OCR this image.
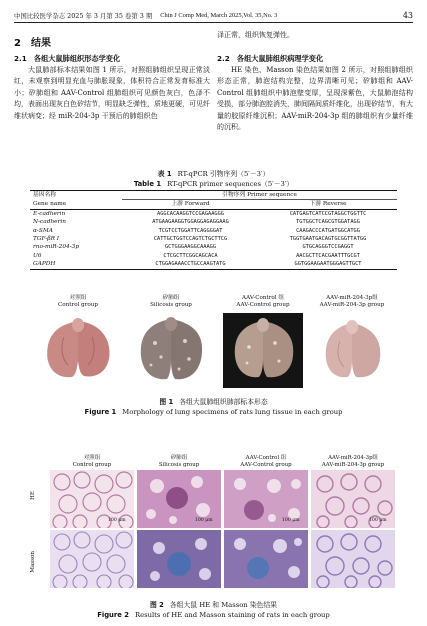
中国比较医学杂志 2025 年 3 月第 35 卷第 3 期 Chin J Comp Med, March 2025,Vol. 35,No. 3	43
2　结果
2.1　各组大鼠肺组织形态学变化

大鼠肺部标本结果如图 1 所示，对照组肺组织呈现正常淡红，未观察到明显充血与肺胀现象，体积符合正常发育标准大小；矽肺组和 AAV-Control 组肺组织可见颜色灰白，色泽不均，表面出现灰白色矽结节，明显缺乏弹性，质地更硬，可见纤维状病变；经 miR-204-3p 干预后的肺组织色

泽正常，组织恢复弹性。

2.2　各组大鼠肺组织病理学变化

HE 染色、Masson 染色结果如图 2 所示，对照组肺组织形态正常，肺泡结构完整，边界清晰可见；矽肺组和 AAV-Control 组肺组织中肺泡壁变厚，呈现深紫色，大鼠肺泡结构受损，部分肺泡腔消失，肺间隔间质纤维化，出现矽结节，有大量的胶原纤维沉积；AAV-miR-204-3p 组的肺组织有少量纤维的沉积。

表 1 RT-qPCR 引物序列（5′－3′）
Table 1 RT-qPCR primer sequences（5′－3′）
基因名称	引物序列 Primer sequence	
Gene name	上游 Forward	下游 Reverse
E-cadherin	AGGCACAAGGTCCGAGAAGGG	CATGAGTCATCCGTAGGCTGGTTC
N-cadherin	ATGAAGAAGGTGGAGGAGAGGAAG	TGTGGCTCAGCGTGGATAGG
α-SMA	TCGTCCTGGATTCAGGGGAT	CAAGACCCATGATGGCATGG
TGF-βR I	CATTGCTGGTCCAGTCTGCTTCG	TGGTGAATGACAGTGCGGTTATGG
rno-miR-204-3p	GCTGGGAAGGCAAAGG	GTGCAGGGTCCGAGGT
U6	CTCGCTTCGGCAGCACA	AACGCTTCACGAATTTGCGT
GAPDH	CTGGAGAAACCTGCCAAGTATG	GGTGGAAGAATGGGAGTTGCT
对照组
Control group
矽肺组
Silicosis group
AAV-Control 组
AAV-Control group
AAV-miR-204-3p组
AAV-miR-204-3p group
图 1 各组大鼠肺组织肺部标本形态
Figure 1 Morphology of lung specimens of rats lung tissue in each group
对照组
Control group
矽肺组
Silicosis group
AAV-Control 组
AAV-Control group
AAV-miR-204-3p组
AAV-miR-204-3p group
HE
Masson
100 μm	100 μm	100 μm	100 μm
图 2 各组大鼠 HE 和 Masson 染色结果
Figure 2 Results of HE and Masson staining of rats in each group
